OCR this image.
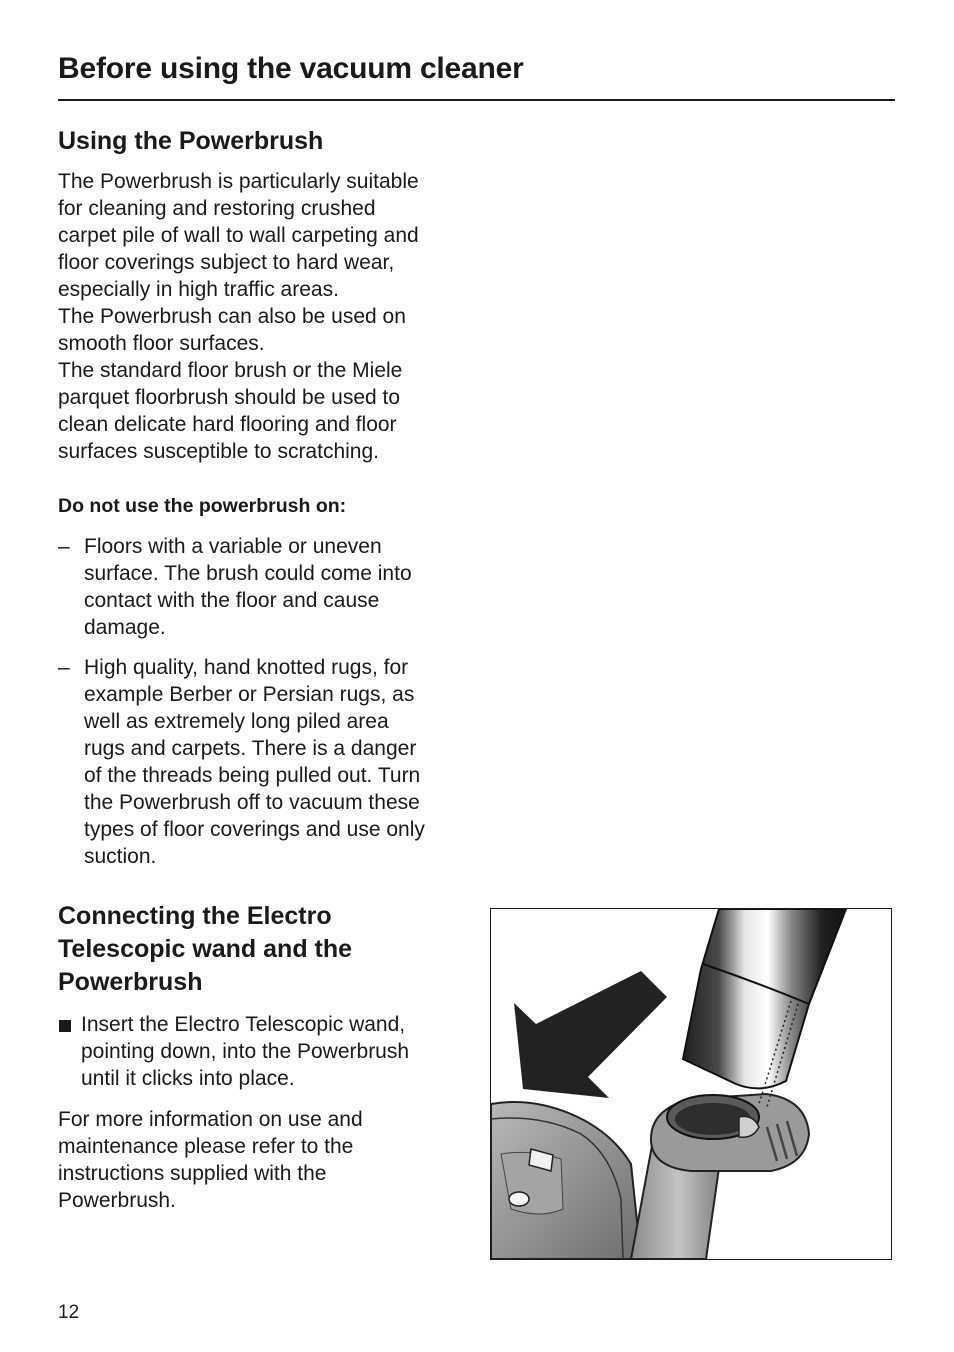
Before using the vacuum cleaner
Using the Powerbrush

The Powerbrush is particularly suitable
for cleaning and restoring crushed
carpet pile of wall to wall carpeting and
floor coverings subject to hard wear,
especially in high traffic areas.
The Powerbrush can also be used on
smooth floor surfaces.
The standard floor brush or the Miele
parquet floorbrush should be used to
clean delicate hard flooring and floor
surfaces susceptible to scratching.

Do not use the powerbrush on:
– Floors with a variable or uneven
surface. The brush could come into
contact with the floor and cause
damage.
– High quality, hand knotted rugs, for
example Berber or Persian rugs, as
well as extremely long piled area
rugs and carpets. There is a danger
of the threads being pulled out. Turn
the Powerbrush off to vacuum these
types of floor coverings and use only
suction.
Connecting the Electro
Telescopic wand and the
Powerbrush
Insert the Electro Telescopic wand,
pointing down, into the Powerbrush
until it clicks into place.

For more information on use and
maintenance please refer to the
instructions supplied with the
Powerbrush.

12
